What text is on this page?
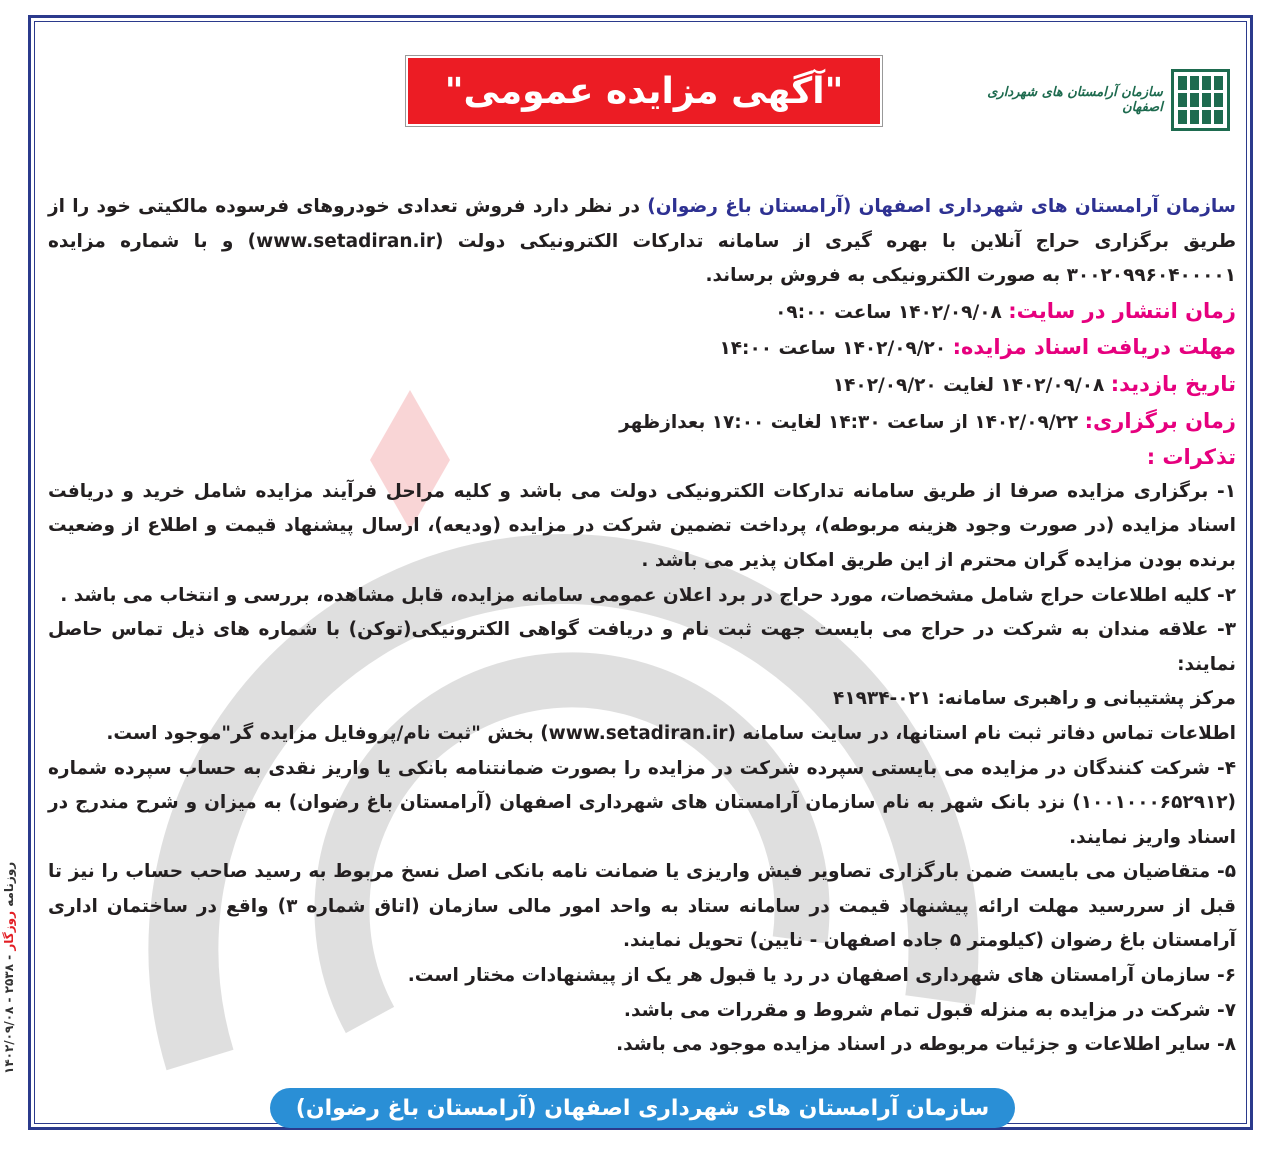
"آگهی مزایده عمومی"	سازمان آرامستان های شهرداری اصفهان

سازمان آرامستان های شهرداری اصفهان (آرامستان باغ رضوان) در نظر دارد فروش تعدادی خودروهای فرسوده مالکیتی خود را از طریق برگزاری حراج آنلاین با بهره گیری از سامانه تدارکات الکترونیکی دولت (www.setadiran.ir) و با شماره مزایده ۳۰۰۲۰۹۹۶۰۴۰۰۰۰۱ به صورت الکترونیکی به فروش برساند.

زمان انتشار در سایت: ۱۴۰۲/۰۹/۰۸ ساعت ۰۹:۰۰

مهلت دریافت اسناد مزایده: ۱۴۰۲/۰۹/۲۰ ساعت ۱۴:۰۰

تاریخ بازدید: ۱۴۰۲/۰۹/۰۸ لغایت ۱۴۰۲/۰۹/۲۰

زمان برگزاری: ۱۴۰۲/۰۹/۲۲ از ساعت ۱۴:۳۰ لغایت ۱۷:۰۰ بعدازظهر

تذکرات :

۱- برگزاری مزایده صرفا از طریق سامانه تدارکات الکترونیکی دولت می باشد و کلیه مراحل فرآیند مزایده شامل خرید و دریافت اسناد مزایده (در صورت وجود هزینه مربوطه)، پرداخت تضمین شرکت در مزایده (ودیعه)، ارسال پیشنهاد قیمت و اطلاع از وضعیت برنده بودن مزایده گران محترم از این طریق امکان پذیر می باشد .

۲- کلیه اطلاعات حراج شامل مشخصات، مورد حراج در برد اعلان عمومی سامانه مزایده، قابل مشاهده، بررسی و انتخاب می باشد .

۳- علاقه مندان به شرکت در حراج می بایست جهت ثبت نام و دریافت گواهی الکترونیکی(توکن) با شماره های ذیل تماس حاصل نمایند:

مرکز پشتیبانی و راهبری سامانه: ۰۲۱-۴۱۹۳۴

اطلاعات تماس دفاتر ثبت نام استانها، در سایت سامانه (www.setadiran.ir) بخش "ثبت نام/پروفایل مزایده گر"موجود است.

۴- شرکت کنندگان در مزایده می بایستی سپرده شرکت در مزایده را بصورت ضمانتنامه بانکی یا واریز نقدی به حساب سپرده شماره (۱۰۰۱۰۰۰۶۵۲۹۱۲) نزد بانک شهر به نام سازمان آرامستان های شهرداری اصفهان (آرامستان باغ رضوان) به میزان و شرح مندرج در اسناد واریز نمایند.

۵- متقاضیان می بایست ضمن بارگزاری تصاویر فیش واریزی یا ضمانت نامه بانکی اصل نسخ مربوط به رسید صاحب حساب را نیز تا قبل از سررسید مهلت ارائه پیشنهاد قیمت در سامانه ستاد به واحد امور مالی سازمان (اتاق شماره ۳) واقع در ساختمان اداری آرامستان باغ رضوان (کیلومتر ۵ جاده اصفهان - نایین) تحویل نمایند.

۶- سازمان آرامستان های شهرداری اصفهان در رد یا قبول هر یک از پیشنهادات مختار است.

۷- شرکت در مزایده به منزله قبول تمام شروط و مقررات می باشد.

۸- سایر اطلاعات و جزئیات مربوطه در اسناد مزایده موجود می باشد.

سازمان آرامستان های شهرداری اصفهان (آرامستان باغ رضوان)
روزنامه روزگار - ۲۵۳۸ - ۱۴۰۲/۰۹/۰۸
